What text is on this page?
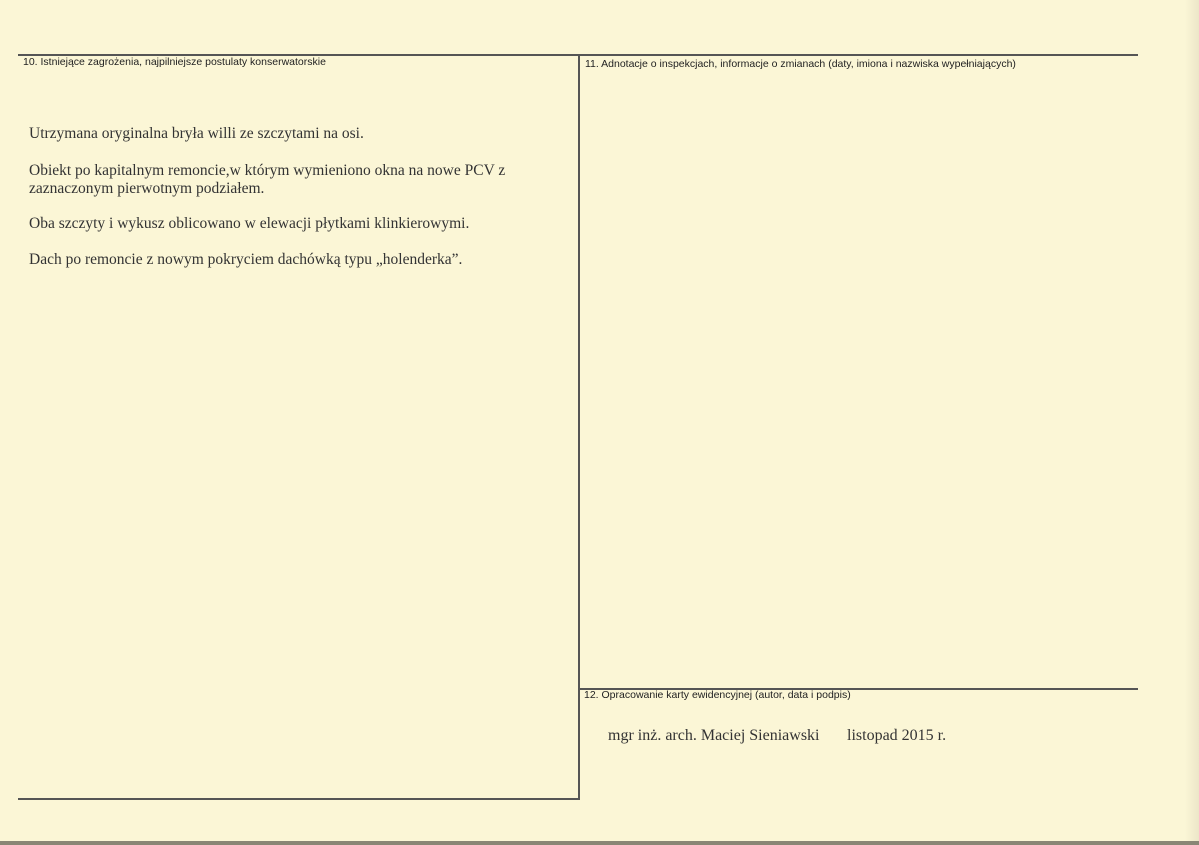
10. Istniejące zagrożenia, najpilniejsze postulaty konserwatorskie	11. Adnotacje o inspekcjach, informacje o zmianach (daty, imiona i nazwiska wypełniających)
12. Opracowanie karty ewidencyjnej (autor, data i podpis)
Utrzymana oryginalna bryła willi ze szczytami na osi.
Obiekt po kapitalnym remoncie,w którym wymieniono okna na nowe PCV z
zaznaczonym pierwotnym podziałem.
Oba szczyty i wykusz oblicowano w elewacji płytkami klinkierowymi.
Dach po remoncie z nowym pokryciem dachówką typu „holenderka”.
mgr inż. arch. Maciej Sieniawski listopad 2015 r.
